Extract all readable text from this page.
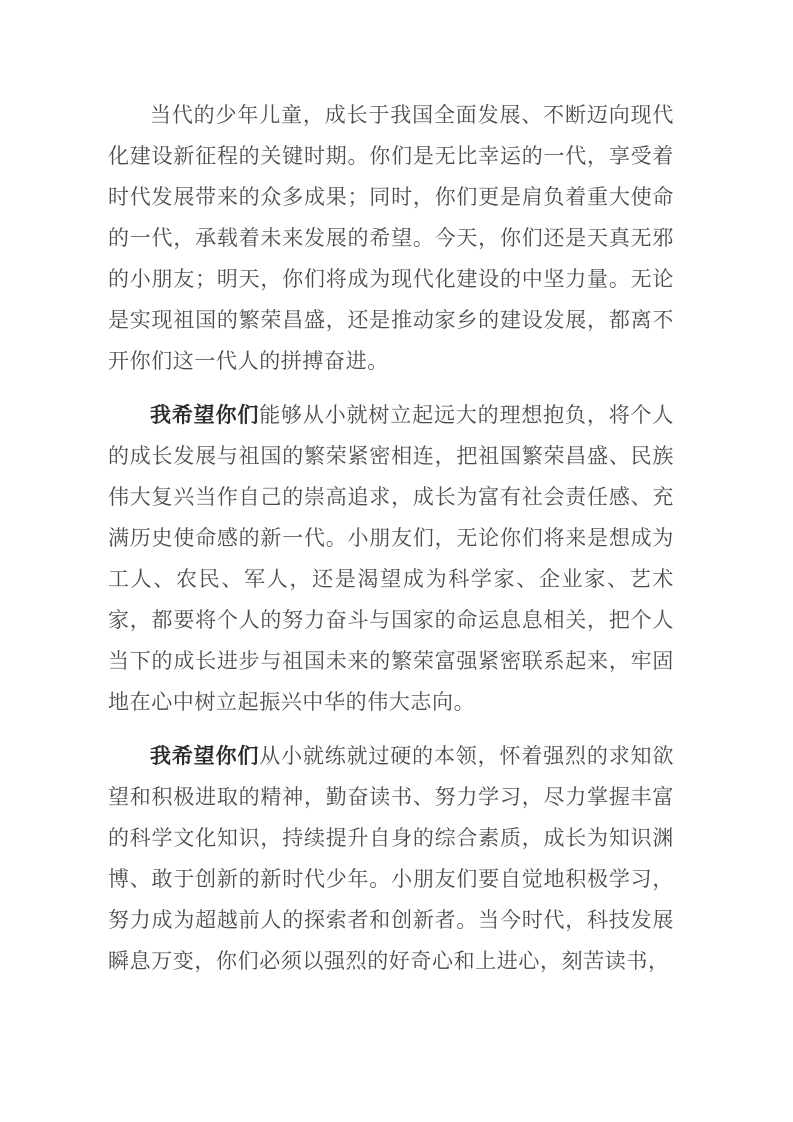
当代的少年儿童，成长于我国全面发展、不断迈向现代化建设新征程的关键时期。你们是无比幸运的一代，享受着时代发展带来的众多成果；同时，你们更是肩负着重大使命的一代，承载着未来发展的希望。今天，你们还是天真无邪的小朋友；明天，你们将成为现代化建设的中坚力量。无论是实现祖国的繁荣昌盛，还是推动家乡的建设发展，都离不开你们这一代人的拼搏奋进。

我希望你们能够从小就树立起远大的理想抱负，将个人的成长发展与祖国的繁荣紧密相连，把祖国繁荣昌盛、民族伟大复兴当作自己的崇高追求，成长为富有社会责任感、充满历史使命感的新一代。小朋友们，无论你们将来是想成为工人、农民、军人，还是渴望成为科学家、企业家、艺术家，都要将个人的努力奋斗与国家的命运息息相关，把个人当下的成长进步与祖国未来的繁荣富强紧密联系起来，牢固地在心中树立起振兴中华的伟大志向。

我希望你们从小就练就过硬的本领，怀着强烈的求知欲望和积极进取的精神，勤奋读书、努力学习，尽力掌握丰富的科学文化知识，持续提升自身的综合素质，成长为知识渊博、敢于创新的新时代少年。小朋友们要自觉地积极学习，努力成为超越前人的探索者和创新者。当今时代，科技发展瞬息万变，你们必须以强烈的好奇心和上进心，刻苦读书，
